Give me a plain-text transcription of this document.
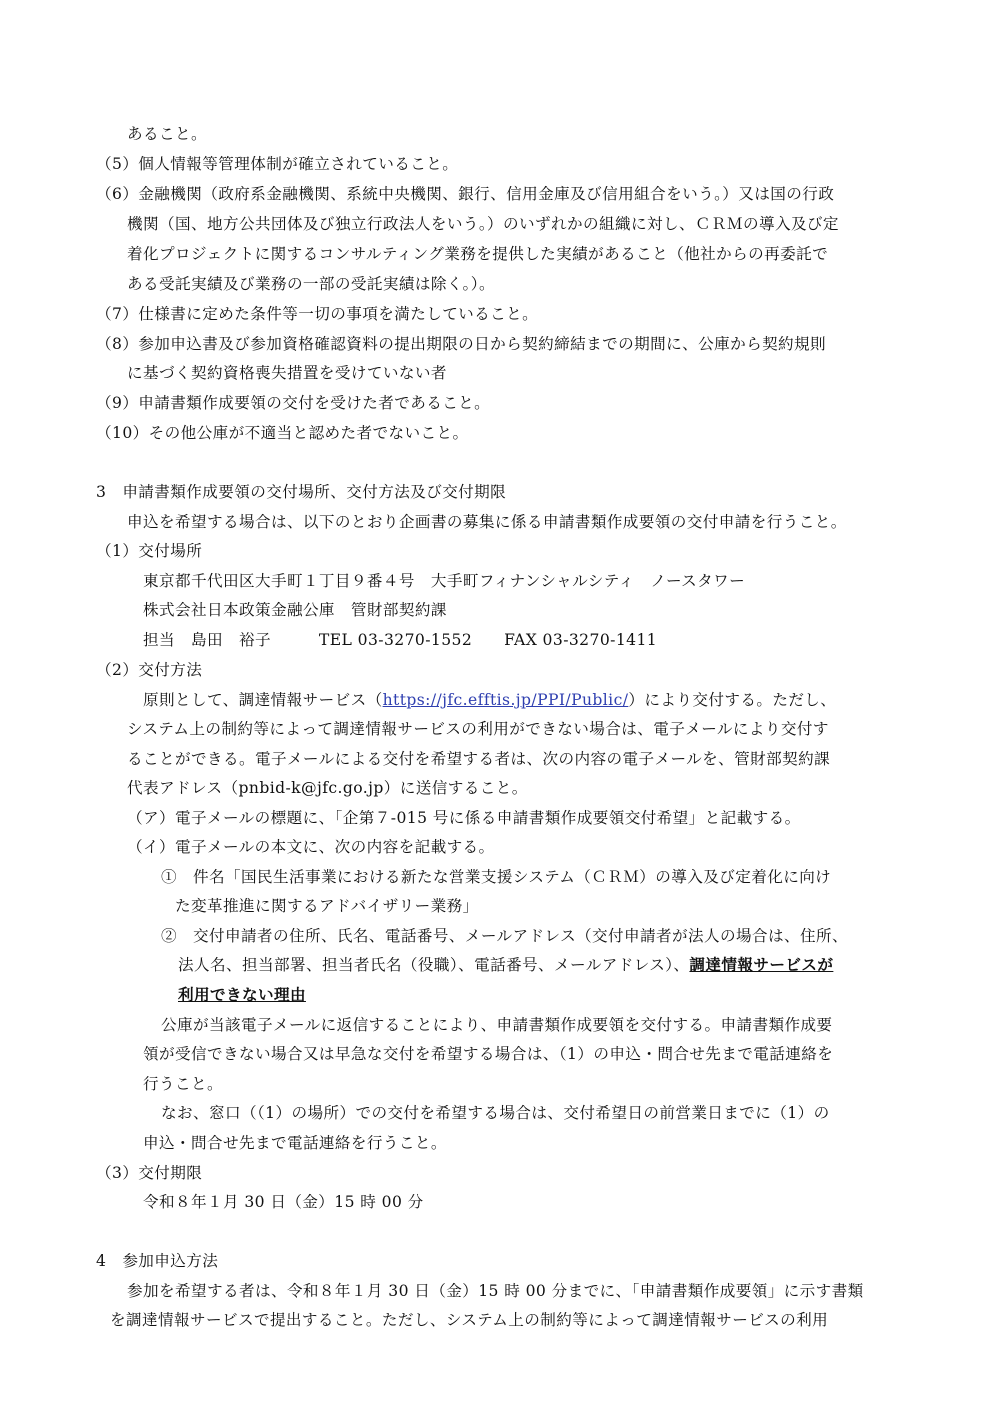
あること。
（5）個人情報等管理体制が確立されていること。
（6）金融機関（政府系金融機関、系統中央機関、銀行、信用金庫及び信用組合をいう。）又は国の行政
機関（国、地方公共団体及び独立行政法人をいう。）のいずれかの組織に対し、ＣＲＭの導入及び定
着化プロジェクトに関するコンサルティング業務を提供した実績があること（他社からの再委託で
ある受託実績及び業務の一部の受託実績は除く。）。
（7）仕様書に定めた条件等一切の事項を満たしていること。
（8）参加申込書及び参加資格確認資料の提出期限の日から契約締結までの期間に、公庫から契約規則
に基づく契約資格喪失措置を受けていない者
（9）申請書類作成要領の交付を受けた者であること。
（10）その他公庫が不適当と認めた者でないこと。
3　申請書類作成要領の交付場所、交付方法及び交付期限
申込を希望する場合は、以下のとおり企画書の募集に係る申請書類作成要領の交付申請を行うこと。
（1）交付場所
東京都千代田区大手町１丁目９番４号　大手町フィナンシャルシティ　ノースタワー
株式会社日本政策金融公庫　管財部契約課
担当　島田　裕子　　　TEL 03-3270-1552　　FAX 03-3270-1411
（2）交付方法
原則として、調達情報サービス（https://jfc.efftis.jp/PPI/Public/）により交付する。ただし、
システム上の制約等によって調達情報サービスの利用ができない場合は、電子メールにより交付す
ることができる。電子メールによる交付を希望する者は、次の内容の電子メールを、管財部契約課
代表アドレス（pnbid-k@jfc.go.jp）に送信すること。
（ア）電子メールの標題に、「企第７-015 号に係る申請書類作成要領交付希望」と記載する。
（イ）電子メールの本文に、次の内容を記載する。
①　件名「国民生活事業における新たな営業支援システム（ＣＲＭ）の導入及び定着化に向け
た変革推進に関するアドバイザリー業務」
②　交付申請者の住所、氏名、電話番号、メールアドレス（交付申請者が法人の場合は、住所、
法人名、担当部署、担当者氏名（役職）、電話番号、メールアドレス）、調達情報サービスが
利用できない理由
公庫が当該電子メールに返信することにより、申請書類作成要領を交付する。申請書類作成要
領が受信できない場合又は早急な交付を希望する場合は、（1）の申込・問合せ先まで電話連絡を
行うこと。
なお、窓口（（1）の場所）での交付を希望する場合は、交付希望日の前営業日までに（1）の
申込・問合せ先まで電話連絡を行うこと。
（3）交付期限
令和８年１月 30 日（金）15 時 00 分
4　参加申込方法
参加を希望する者は、令和８年１月 30 日（金）15 時 00 分までに、「申請書類作成要領」に示す書類
を調達情報サービスで提出すること。ただし、システム上の制約等によって調達情報サービスの利用
